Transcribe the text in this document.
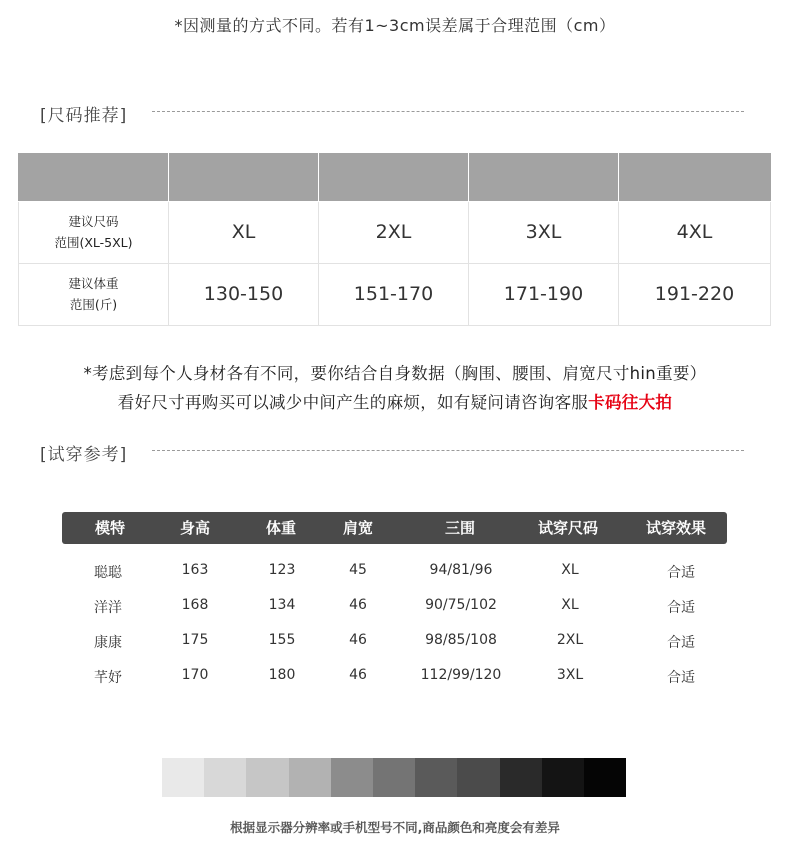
*因测量的方式不同。若有1~3cm误差属于合理范围（cm）
[尺码推荐]

建议尺码
范围(XL-5XL)	XL	2XL	3XL	4XL

建议体重
范围(斤)	130-150	151-170	171-190	191-220
*考虑到每个人身材各有不同，要你结合自身数据（胸围、腰围、肩宽尺寸hin重要）
看好尺寸再购买可以减少中间产生的麻烦，如有疑问请咨询客服卡码往大拍
[试穿参考]
模特	身高	体重	肩宽	三围	试穿尺码	试穿效果
聪聪	163	123	45	94/81/96	XL	合适
洋洋	168	134	46	90/75/102	XL	合适
康康	175	155	46	98/85/108	2XL	合适
芊妤	170	180	46	112/99/120	3XL	合适
根据显示器分辨率或手机型号不同,商品颜色和亮度会有差异
